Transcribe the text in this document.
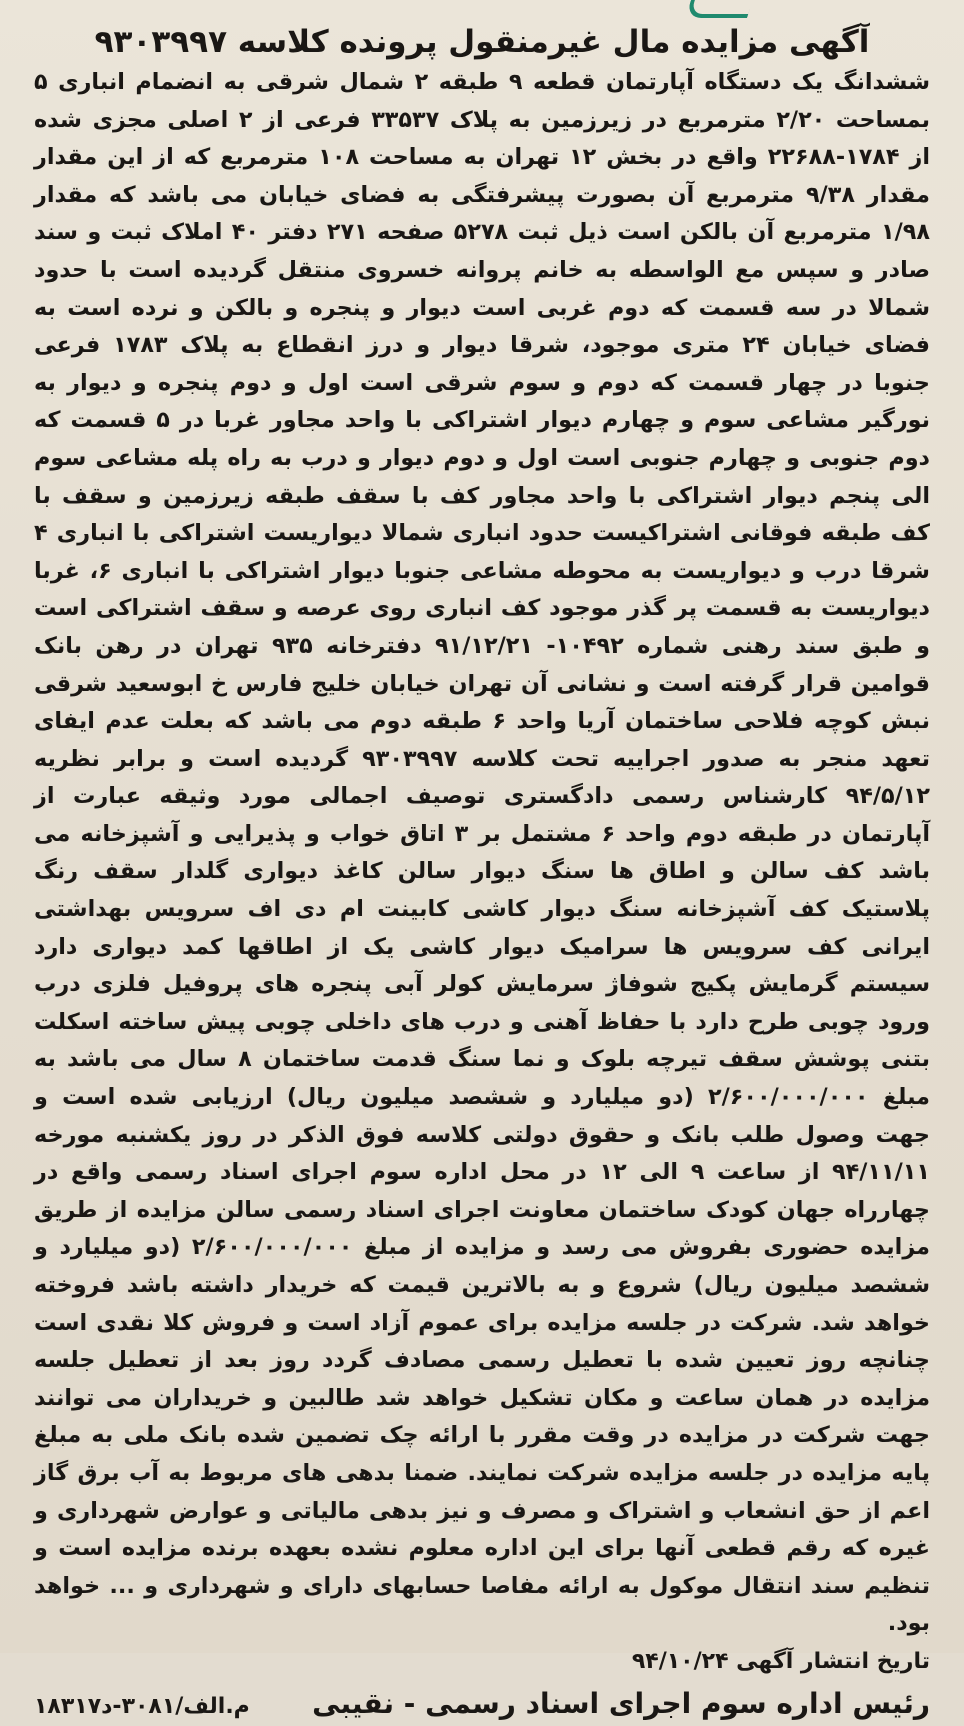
آگهی مزایده مال غیرمنقول پرونده کلاسه ۹۳۰۳۹۹۷

ششدانگ یک دستگاه آپارتمان قطعه ۹ طبقه ۲ شمال شرقی به انضمام انباری ۵ بمساحت ۲/۲۰ مترمربع در زیرزمین به پلاک ۳۳۵۳۷ فرعی از ۲ اصلی مجزی شده از ۱۷۸۴-۲۲۶۸۸ واقع در بخش ۱۲ تهران به مساحت ۱۰۸ مترمربع که از این مقدار مقدار ۹/۳۸ مترمربع آن بصورت پیشرفتگی به فضای خیابان می باشد که مقدار ۱/۹۸ مترمربع آن بالکن است ذیل ثبت ۵۲۷۸ صفحه ۲۷۱ دفتر ۴۰ املاک ثبت و سند صادر و سپس مع الواسطه به خانم پروانه خسروی منتقل گردیده است با حدود شمالا در سه قسمت که دوم غربی است دیوار و پنجره و بالکن و نرده است به فضای خیابان ۲۴ متری موجود، شرقا دیوار و درز انقطاع به پلاک ۱۷۸۳ فرعی جنوبا در چهار قسمت که دوم و سوم شرقی است اول و دوم پنجره و دیوار به نورگیر مشاعی سوم و چهارم دیوار اشتراکی با واحد مجاور غربا در ۵ قسمت که دوم جنوبی و چهارم جنوبی است اول و دوم دیوار و درب به راه پله مشاعی سوم الی پنجم دیوار اشتراکی با واحد مجاور کف با سقف طبقه زیرزمین و سقف با کف طبقه فوقانی اشتراکیست حدود انباری شمالا دیواریست اشتراکی با انباری ۴ شرقا درب و دیواریست به محوطه مشاعی جنوبا دیوار اشتراکی با انباری ۶، غربا دیواریست به قسمت پر گذر موجود کف انباری روی عرصه و سقف اشتراکی است و طبق سند رهنی شماره ۱۰۴۹۲- ۹۱/۱۲/۲۱ دفترخانه ۹۳۵ تهران در رهن بانک قوامین قرار گرفته است و نشانی آن تهران خیابان خلیج فارس خ ابوسعید شرقی نبش کوچه فلاحی ساختمان آریا واحد ۶ طبقه دوم می باشد که بعلت عدم ایفای تعهد منجر به صدور اجراییه تحت کلاسه ۹۳۰۳۹۹۷ گردیده است و برابر نظریه ۹۴/۵/۱۲ کارشناس رسمی دادگستری توصیف اجمالی مورد وثیقه عبارت از آپارتمان در طبقه دوم واحد ۶ مشتمل بر ۳ اتاق خواب و پذیرایی و آشپزخانه می باشد کف سالن و اطاق ها سنگ دیوار سالن کاغذ دیواری گلدار سقف رنگ پلاستیک کف آشپزخانه سنگ دیوار کاشی کابینت ام دی اف سرویس بهداشتی ایرانی کف سرویس ها سرامیک دیوار کاشی یک از اطاقها کمد دیواری دارد سیستم گرمایش پکیج شوفاژ سرمایش کولر آبی پنجره های پروفیل فلزی درب ورود چوبی طرح دارد با حفاظ آهنی و درب های داخلی چوبی پیش ساخته اسکلت بتنی پوشش سقف تیرچه بلوک و نما سنگ قدمت ساختمان ۸ سال می باشد به مبلغ ۲/۶۰۰/۰۰۰/۰۰۰ (دو میلیارد و ششصد میلیون ریال) ارزیابی شده است و جهت وصول طلب بانک و حقوق دولتی کلاسه فوق الذکر در روز یکشنبه مورخه ۹۴/۱۱/۱۱ از ساعت ۹ الی ۱۲ در محل اداره سوم اجرای اسناد رسمی واقع در چهارراه جهان کودک ساختمان معاونت اجرای اسناد رسمی سالن مزایده از طریق مزایده حضوری بفروش می رسد و مزایده از مبلغ ۲/۶۰۰/۰۰۰/۰۰۰ (دو میلیارد و ششصد میلیون ریال) شروع و به بالاترین قیمت که خریدار داشته باشد فروخته خواهد شد. شرکت در جلسه مزایده برای عموم آزاد است و فروش کلا نقدی است چنانچه روز تعیین شده با تعطیل رسمی مصادف گردد روز بعد از تعطیل جلسه مزایده در همان ساعت و مکان تشکیل خواهد شد طالبین و خریداران می توانند جهت شرکت در مزایده در وقت مقرر با ارائه چک تضمین شده بانک ملی به مبلغ پایه مزایده در جلسه مزایده شرکت نمایند. ضمنا بدهی های مربوط به آب برق گاز اعم از حق انشعاب و اشتراک و مصرف و نیز بدهی مالیاتی و عوارض شهرداری و غیره که رقم قطعی آنها برای این اداره معلوم نشده بعهده برنده مزایده است و تنظیم سند انتقال موکول به ارائه مفاصا حسابهای دارای و شهرداری و ... خواهد بود.

تاریخ انتشار آگهی ۹۴/۱۰/۲۴
رئیس اداره سوم اجرای اسناد رسمی - نقیبی
۱۸۳۱۷م.الف/۳۰۸۱-د
